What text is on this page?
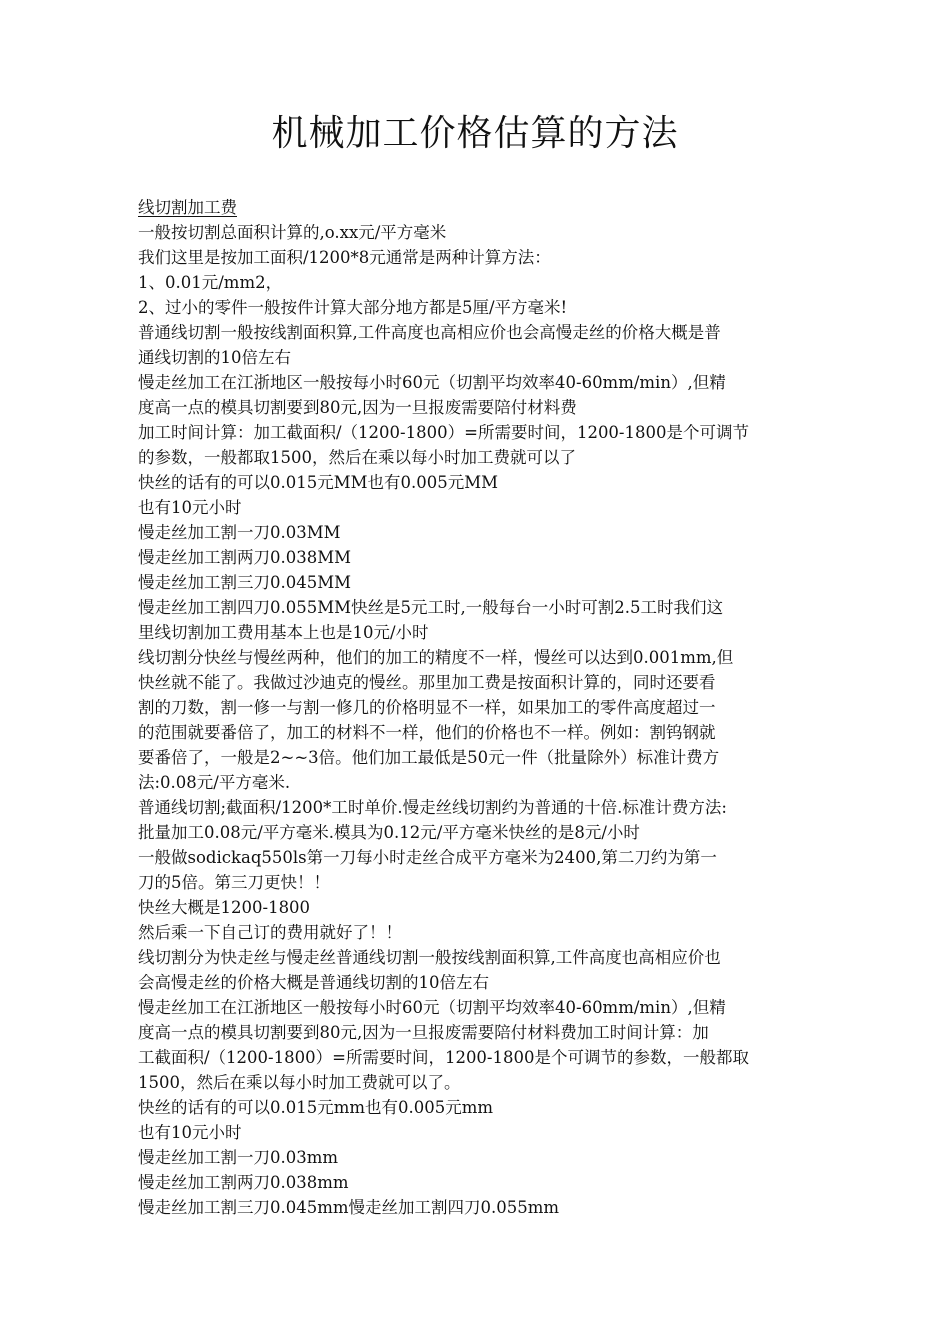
机械加工价格估算的方法
线切割加工费
一般按切割总面积计算的,o.xx元/平方毫米
我们这里是按加工面积/1200*8元通常是两种计算方法：
1、0.01元/mm2，
2、过小的零件一般按件计算大部分地方都是5厘/平方毫米!
普通线切割一般按线割面积算,工件高度也高相应价也会高慢走丝的价格大概是普
通线切割的10倍左右
慢走丝加工在江浙地区一般按每小时60元（切割平均效率40-60mm/min）,但精
度高一点的模具切割要到80元,因为一旦报废需要陪付材料费
加工时间计算：加工截面积/（1200-1800）=所需要时间，1200-1800是个可调节
的参数，一般都取1500，然后在乘以每小时加工费就可以了
快丝的话有的可以0.015元MM也有0.005元MM
也有10元小时
慢走丝加工割一刀0.03MM
慢走丝加工割两刀0.038MM
慢走丝加工割三刀0.045MM
慢走丝加工割四刀0.055MM快丝是5元工时,一般每台一小时可割2.5工时我们这
里线切割加工费用基本上也是10元/小时
线切割分快丝与慢丝两种，他们的加工的精度不一样，慢丝可以达到0.001mm,但
快丝就不能了。我做过沙迪克的慢丝。那里加工费是按面积计算的，同时还要看
割的刀数，割一修一与割一修几的价格明显不一样，如果加工的零件高度超过一
的范围就要番倍了，加工的材料不一样，他们的价格也不一样。例如：割钨钢就
要番倍了，一般是2~~3倍。他们加工最低是50元一件（批量除外）标准计费方
法:0.08元/平方毫米.
普通线切割;截面积/1200*工时单价.慢走丝线切割约为普通的十倍.标准计费方法:
批量加工0.08元/平方毫米.模具为0.12元/平方毫米快丝的是8元/小时
一般做sodickaq550ls第一刀每小时走丝合成平方毫米为2400,第二刀约为第一
刀的5倍。第三刀更快！！
快丝大概是1200-1800
然后乘一下自己订的费用就好了！！
线切割分为快走丝与慢走丝普通线切割一般按线割面积算,工件高度也高相应价也
会高慢走丝的价格大概是普通线切割的10倍左右
慢走丝加工在江浙地区一般按每小时60元（切割平均效率40-60mm/min）,但精
度高一点的模具切割要到80元,因为一旦报废需要陪付材料费加工时间计算：加
工截面积/（1200-1800）=所需要时间，1200-1800是个可调节的参数，一般都取
1500，然后在乘以每小时加工费就可以了。
快丝的话有的可以0.015元mm也有0.005元mm
也有10元小时
慢走丝加工割一刀0.03mm
慢走丝加工割两刀0.038mm
慢走丝加工割三刀0.045mm慢走丝加工割四刀0.055mm
